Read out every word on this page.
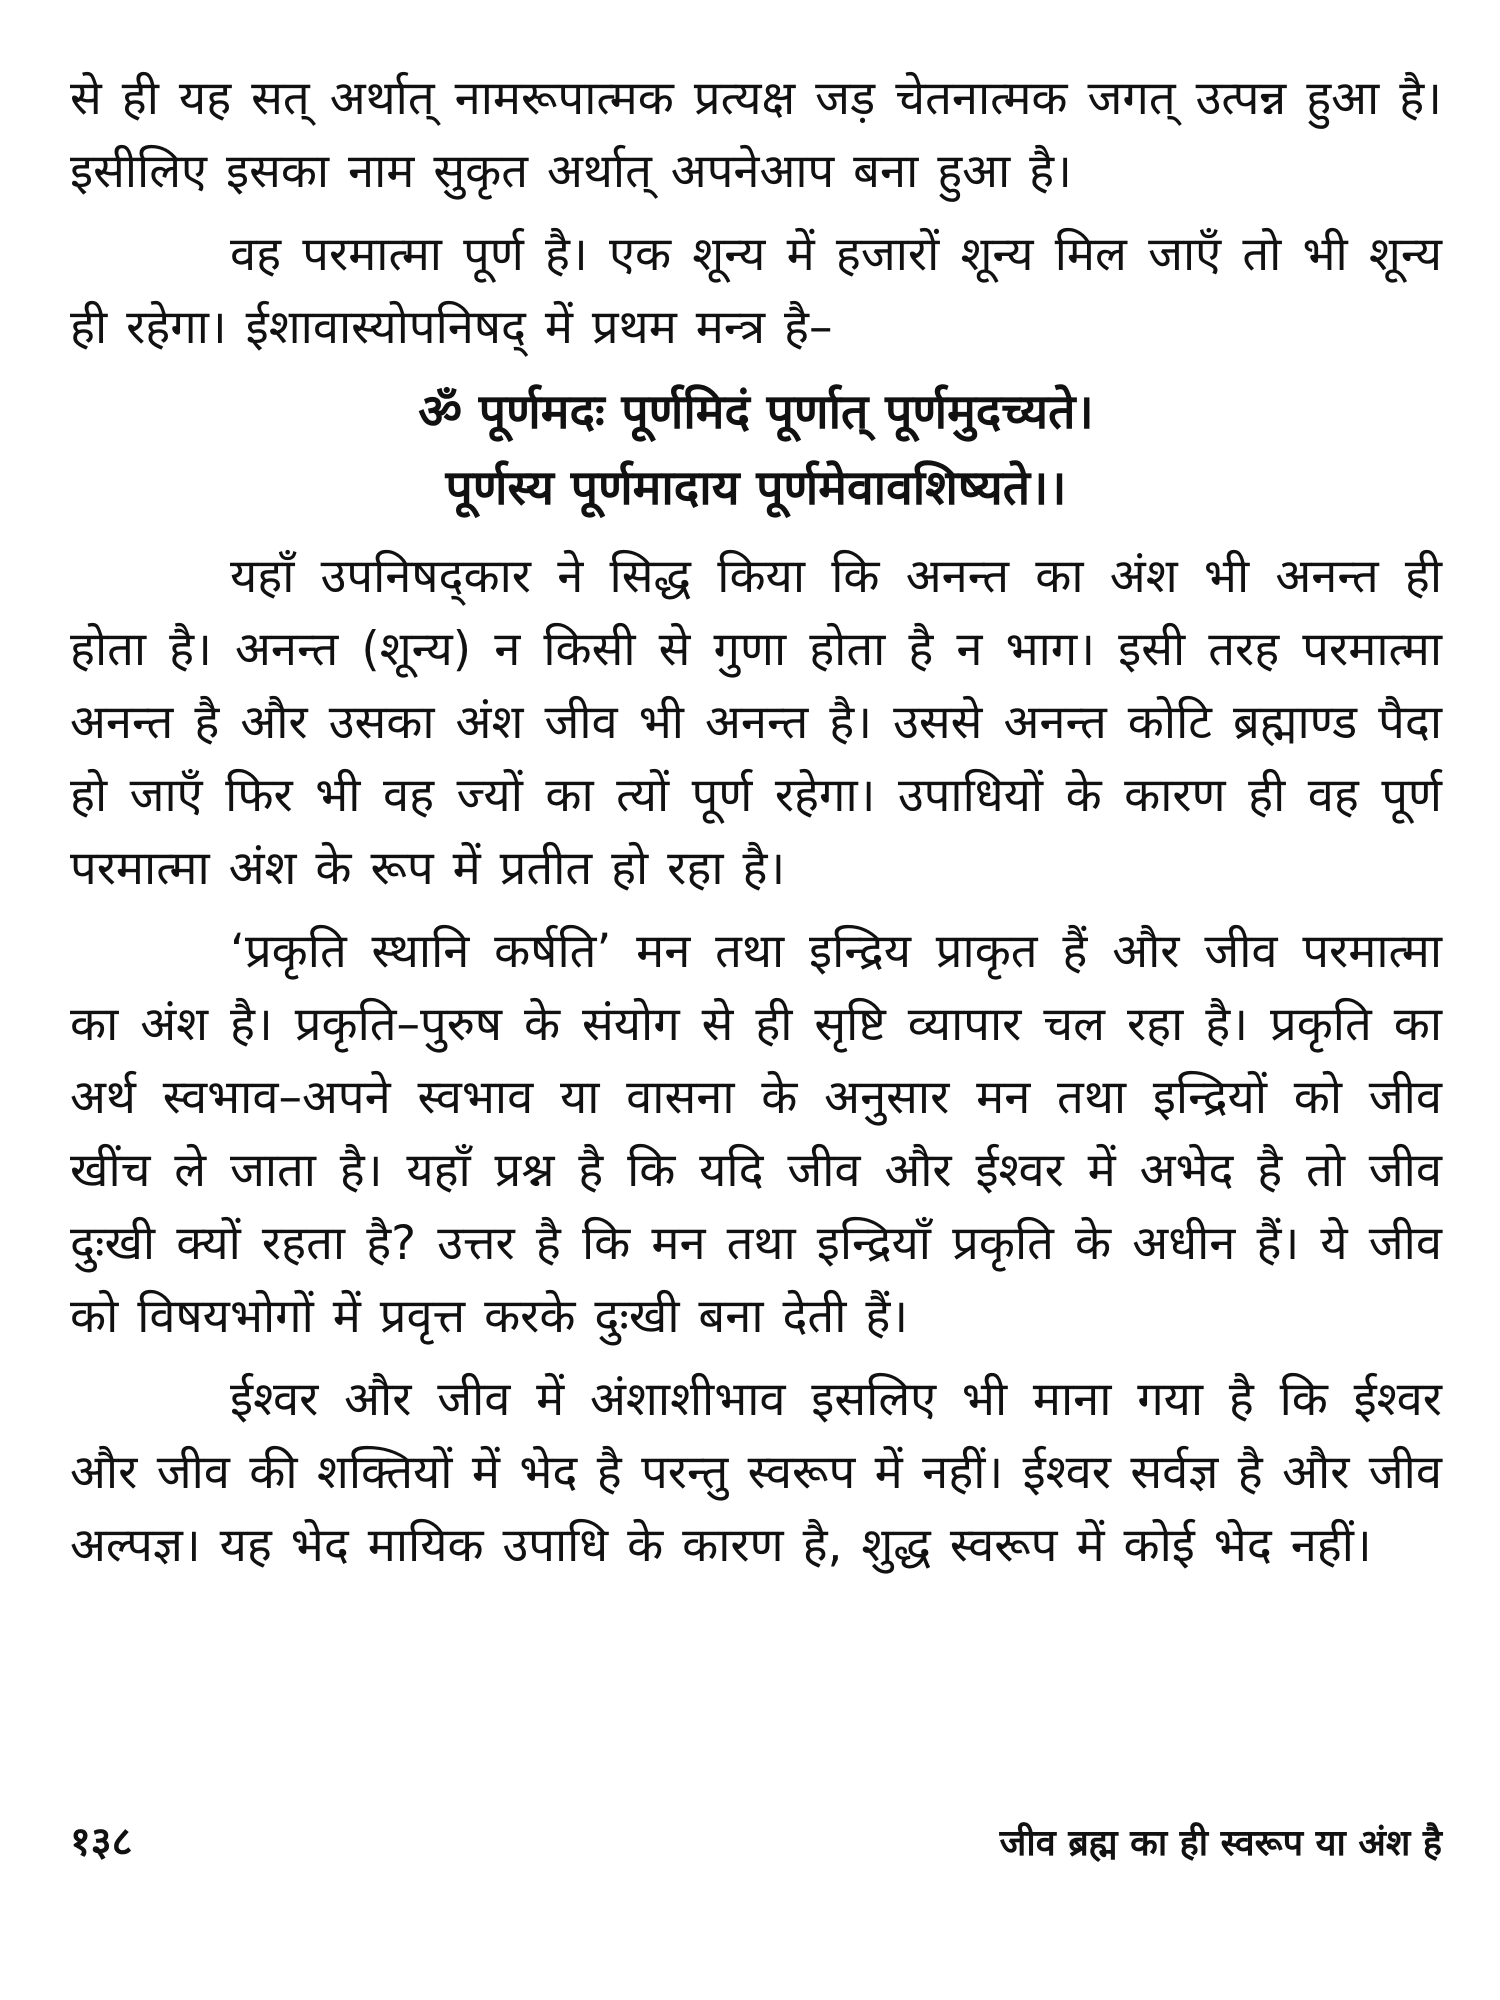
से ही यह सत् अर्थात् नामरूपात्मक प्रत्यक्ष जड़ चेतनात्मक जगत् उत्पन्न हुआ है। इसीलिए इसका नाम सुकृत अर्थात् अपनेआप बना हुआ है।

वह परमात्मा पूर्ण है। एक शून्य में हजारों शून्य मिल जाएँ तो भी शून्य ही रहेगा। ईशावास्योपनिषद् में प्रथम मन्त्र है–

ॐ पूर्णमदः पूर्णमिदं पूर्णात् पूर्णमुदच्यते।
पूर्णस्य पूर्णमादाय पूर्णमेवावशिष्यते।।

यहाँ उपनिषद्कार ने सिद्ध किया कि अनन्त का अंश भी अनन्त ही होता है। अनन्त (शून्य) न किसी से गुणा होता है न भाग। इसी तरह परमात्मा अनन्त है और उसका अंश जीव भी अनन्त है। उससे अनन्त कोटि ब्रह्माण्ड पैदा हो जाएँ फिर भी वह ज्यों का त्यों पूर्ण रहेगा। उपाधियों के कारण ही वह पूर्ण परमात्मा अंश के रूप में प्रतीत हो रहा है।

‘प्रकृति स्थानि कर्षति’ मन तथा इन्द्रिय प्राकृत हैं और जीव परमात्मा का अंश है। प्रकृति–पुरुष के संयोग से ही सृष्टि व्यापार चल रहा है। प्रकृति का अर्थ स्वभाव–अपने स्वभाव या वासना के अनुसार मन तथा इन्द्रियों को जीव खींच ले जाता है। यहाँ प्रश्न है कि यदि जीव और ईश्वर में अभेद है तो जीव दुःखी क्यों रहता है? उत्तर है कि मन तथा इन्द्रियाँ प्रकृति के अधीन हैं। ये जीव को विषयभोगों में प्रवृत्त करके दुःखी बना देती हैं।

ईश्वर और जीव में अंशाशीभाव इसलिए भी माना गया है कि ईश्वर और जीव की शक्तियों में भेद है परन्तु स्वरूप में नहीं। ईश्वर सर्वज्ञ है और जीव अल्पज्ञ। यह भेद मायिक उपाधि के कारण है, शुद्ध स्वरूप में कोई भेद नहीं।

१३८	जीव ब्रह्म का ही स्वरूप या अंश है
